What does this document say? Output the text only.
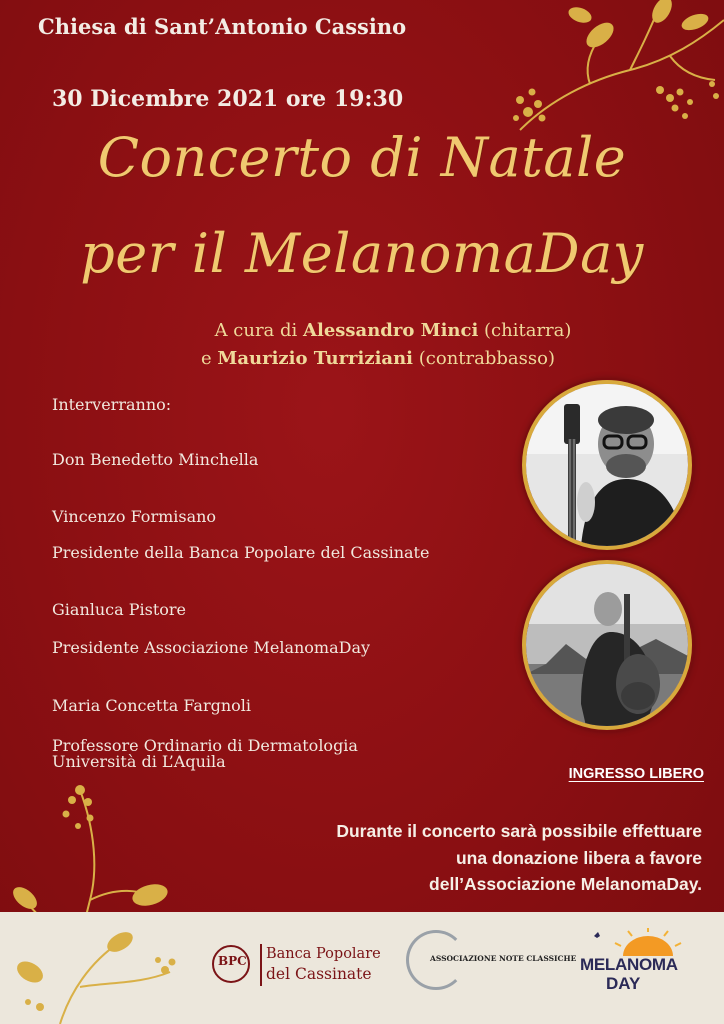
Chiesa di Sant’Antonio Cassino
30 Dicembre 2021 ore 19:30
Concerto di Natale
per il MelanomaDay
A cura di Alessandro Minci (chitarra)
e Maurizio Turriziani (contrabbasso)
Interverranno:
Don Benedetto Minchella
Vincenzo Formisano
Presidente della Banca Popolare del Cassinate
Gianluca Pistore
Presidente Associazione MelanomaDay
Maria Concetta Fargnoli
Professore Ordinario di Dermatologia
Università di L’Aquila
INGRESSO LIBERO
Durante il concerto sarà possibile effettuare
una donazione libera a favore
dell’Associazione MelanomaDay.
BPC Banca Popolare
del Cassinate
ASSOCIAZIONE NOTE CLASSICHE MELANOMA
DAY
